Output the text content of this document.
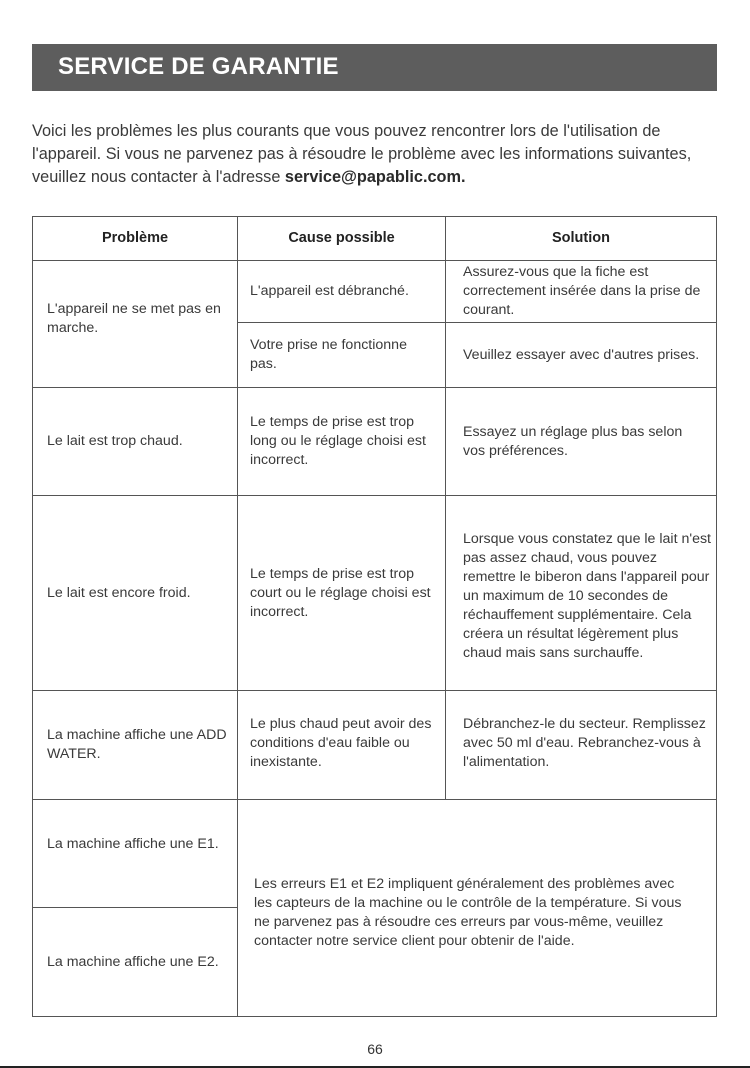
SERVICE DE GARANTIE
Voici les problèmes les plus courants que vous pouvez rencontrer lors de l'utilisation de l'appareil. Si vous ne parvenez pas à résoudre le problème avec les informations suivantes, veuillez nous contacter à l'adresse service@papablic.com.
Problème	Cause possible	Solution
L'appareil ne se met pas en marche.
L'appareil est débranché.
Assurez-vous que la fiche est correctement insérée dans la prise de courant.
Votre prise ne fonctionne pas.
Veuillez essayer avec d'autres prises.
Le lait est trop chaud.
Le temps de prise est trop long ou le réglage choisi est incorrect.
Essayez un réglage plus bas selon vos préférences.
Le lait est encore froid.
Le temps de prise est trop court ou le réglage choisi est incorrect.
Lorsque vous constatez que le lait n'est pas assez chaud, vous pouvez remettre le biberon dans l'appareil pour un maximum de 10 secondes de réchauffement supplémentaire. Cela créera un résultat légèrement plus chaud mais sans surchauffe.
La machine affiche une ADD WATER.
Le plus chaud peut avoir des conditions d'eau faible ou inexistante.
Débranchez-le du secteur. Remplissez avec 50 ml d'eau. Rebranchez-vous à l'alimentation.
La machine affiche une E1.
La machine affiche une E2.
Les erreurs E1 et E2 impliquent généralement des problèmes avec les capteurs de la machine ou le contrôle de la température. Si vous ne parvenez pas à résoudre ces erreurs par vous-même, veuillez contacter notre service client pour obtenir de l'aide.
66
